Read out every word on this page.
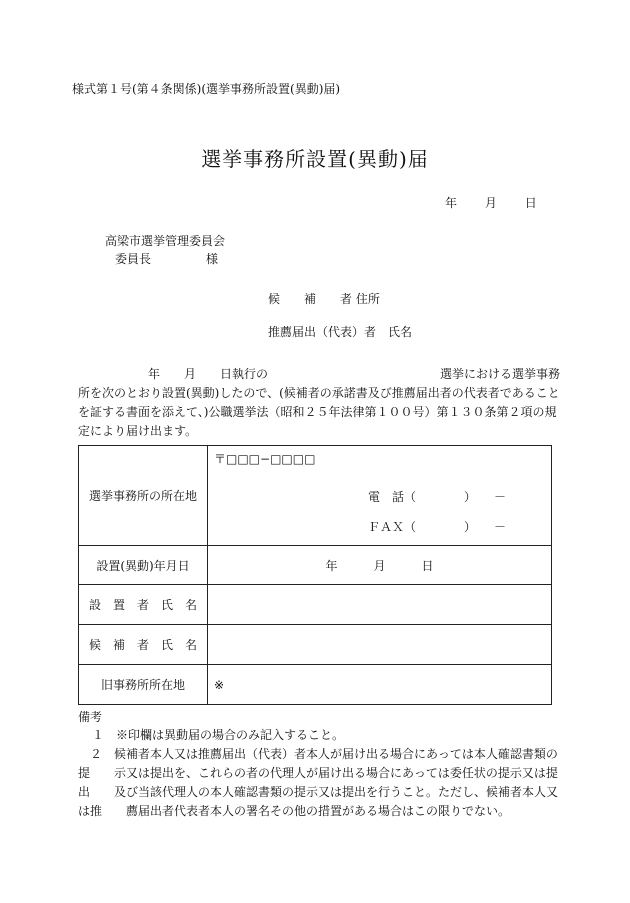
様式第１号(第４条関係)(選挙事務所設置(異動)届)
選挙事務所設置(異動)届
年 月 日
高梁市選挙管理委員会
委員長	様
候　　補　　者 住所
推薦届出（代表）者　氏名
年　　月　　日執行の	選挙における選挙事務
所を次のとおり設置(異動)したので、(候補者の承諾書及び推薦届出者の代表者であること
を証する書面を添えて、)公職選挙法（昭和２５年法律第１００号）第１３０条第２項の規
定により届け出ます。
選挙事務所の所在地	〒□□□−□□□□
電　話（　　　　）　　－
ＦＡＸ（　　　　）　　－

設置(異動)年月日	年　　　月　　　日
設　置　者　氏　名	
候　補　者　氏　名	
旧事務所所在地	※
備考
１　※印欄は異動届の場合のみ記入すること。
　２　候補者本人又は推薦届出（代表）者本人が届け出る場合にあっては本人確認書類の
提　　示又は提出を、これらの者の代理人が届け出る場合にあっては委任状の提示又は提
出　　及び当該代理人の本人確認書類の提示又は提出を行うこと。ただし、候補者本人又
は推　　薦届出者代表者本人の署名その他の措置がある場合はこの限りでない。
